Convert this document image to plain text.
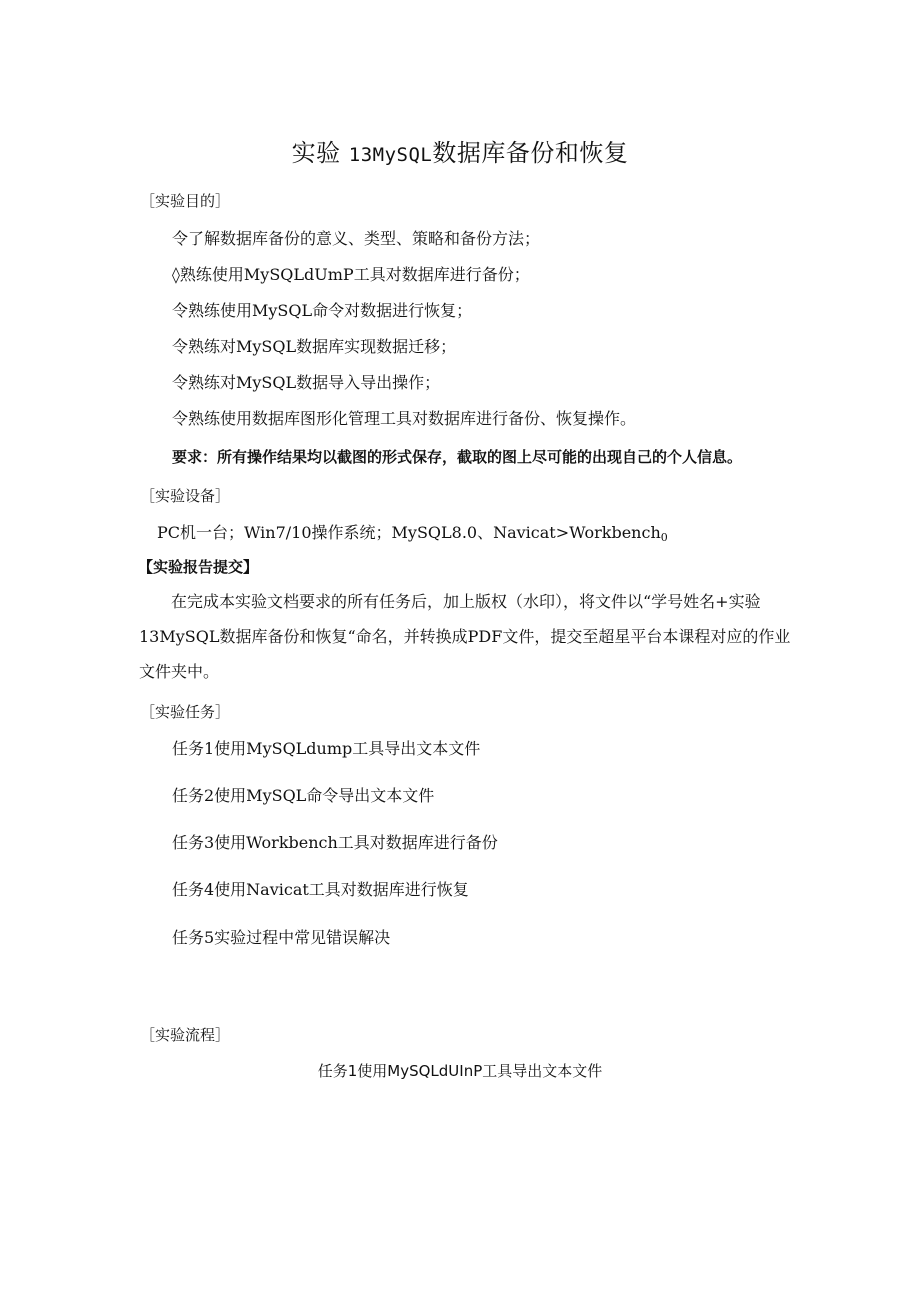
实验 13MySQL数据库备份和恢复
［实验目的］
令了解数据库备份的意义、类型、策略和备份方法；
◊熟练使用MySQLdUmP工具对数据库进行备份；
令熟练使用MySQL命令对数据进行恢复；
令熟练对MySQL数据库实现数据迁移；
令熟练对MySQL数据导入导出操作；
令熟练使用数据库图形化管理工具对数据库进行备份、恢复操作。
要求：所有操作结果均以截图的形式保存，截取的图上尽可能的出现自己的个人信息。
［实验设备］
PC机一台；Win7/10操作系统；MySQL8.0、Navicat>Workbench$_0$
【实验报告提交】
在完成本实验文档要求的所有任务后，加上版权（水印），将文件以“学号姓名+实验13MySQL数据库备份和恢复“命名，并转换成PDF文件，提交至超星平台本课程对应的作业文件夹中。
［实验任务］
任务1使用MySQLdump工具导出文本文件
任务2使用MySQL命令导出文本文件
任务3使用Workbench工具对数据库进行备份
任务4使用Navicat工具对数据库进行恢复
任务5实验过程中常见错误解决
［实验流程］
任务1使用MySQLdUInP工具导出文本文件
